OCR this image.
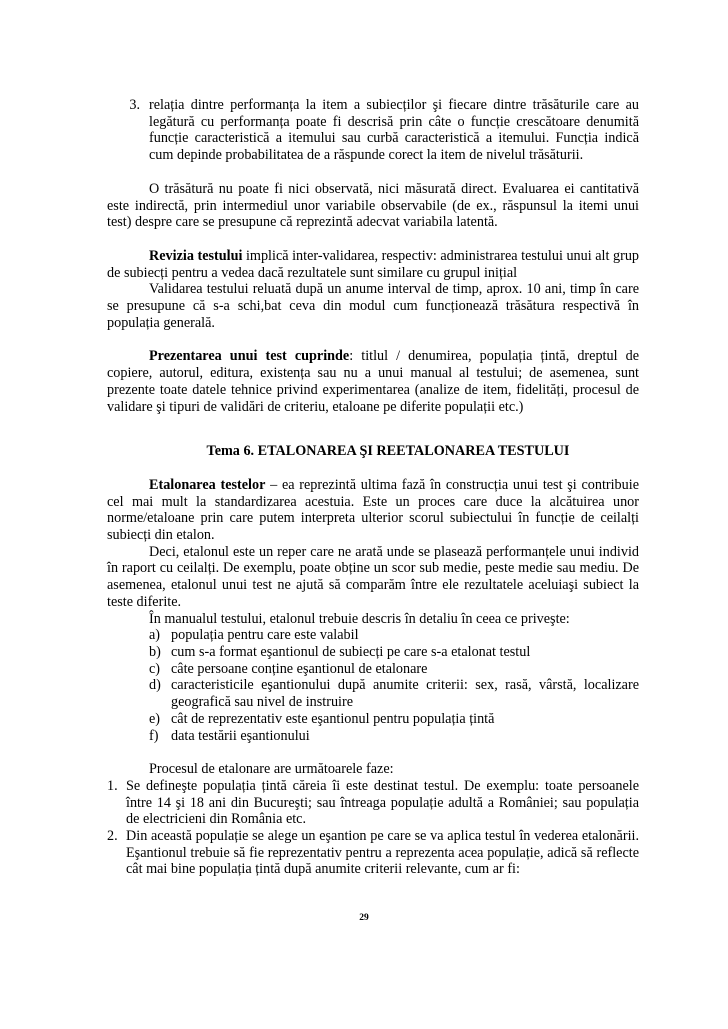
3. relația dintre performanța la item a subiecților şi fiecare dintre trăsăturile care au legătură cu performanța poate fi descrisă prin câte o funcție crescătoare denumită funcție caracteristică a itemului sau curbă caracteristică a itemului. Funcția indică cum depinde probabilitatea de a răspunde corect la item de nivelul trăsăturii.

O trăsătură nu poate fi nici observată, nici măsurată direct. Evaluarea ei cantitativă este indirectă, prin intermediul unor variabile observabile (de ex., răspunsul la itemi unui test) despre care se presupune că reprezintă adecvat variabila latentă.

Revizia testului implică inter-validarea, respectiv: administrarea testului unui alt grup de subiecți pentru a vedea dacă rezultatele sunt similare cu grupul inițial

Validarea testului reluată după un anume interval de timp, aprox. 10 ani, timp în care se presupune că s-a schi,bat ceva din modul cum funcționează trăsătura respectivă în populația generală.

Prezentarea unui test cuprinde: titlul / denumirea, populația țintă, dreptul de copiere, autorul, editura, existența sau nu a unui manual al testului; de asemenea, sunt prezente toate datele tehnice privind experimentarea (analize de item, fidelități, procesul de validare şi tipuri de validări de criteriu, etaloane pe diferite populații etc.)

Tema 6. ETALONAREA ŞI REETALONAREA TESTULUI

Etalonarea testelor – ea reprezintă ultima fază în construcția unui test şi contribuie cel mai mult la standardizarea acestuia. Este un proces care duce la alcătuirea unor norme/etaloane prin care putem interpreta ulterior scorul subiectului în funcție de ceilalți subiecți din etalon.

Deci, etalonul este un reper care ne arată unde se plasează performanțele unui individ în raport cu ceilalți. De exemplu, poate obține un scor sub medie, peste medie sau mediu. De asemenea, etalonul unui test ne ajută să comparăm între ele rezultatele aceluiaşi subiect la teste diferite.

În manualul testului, etalonul trebuie descris în detaliu în ceea ce priveşte:

a) populația pentru care este valabil
b) cum s-a format eşantionul de subiecți pe care s-a etalonat testul
c) câte persoane conține eşantionul de etalonare
d) caracteristicile eşantionului după anumite criterii: sex, rasă, vârstă, localizare geografică sau nivel de instruire
e) cât de reprezentativ este eşantionul pentru populația țintă
f) data testării eşantionului

Procesul de etalonare are următoarele faze:

1. Se defineşte populația țintă căreia îi este destinat testul. De exemplu: toate persoanele între 14 şi 18 ani din Bucureşti; sau întreaga populație adultă a României; sau populația de electricieni din România etc.
2. Din această populație se alege un eşantion pe care se va aplica testul în vederea etalonării. Eşantionul trebuie să fie reprezentativ pentru a reprezenta acea populație, adică să reflecte cât mai bine populația țintă după anumite criterii relevante, cum ar fi:
29
